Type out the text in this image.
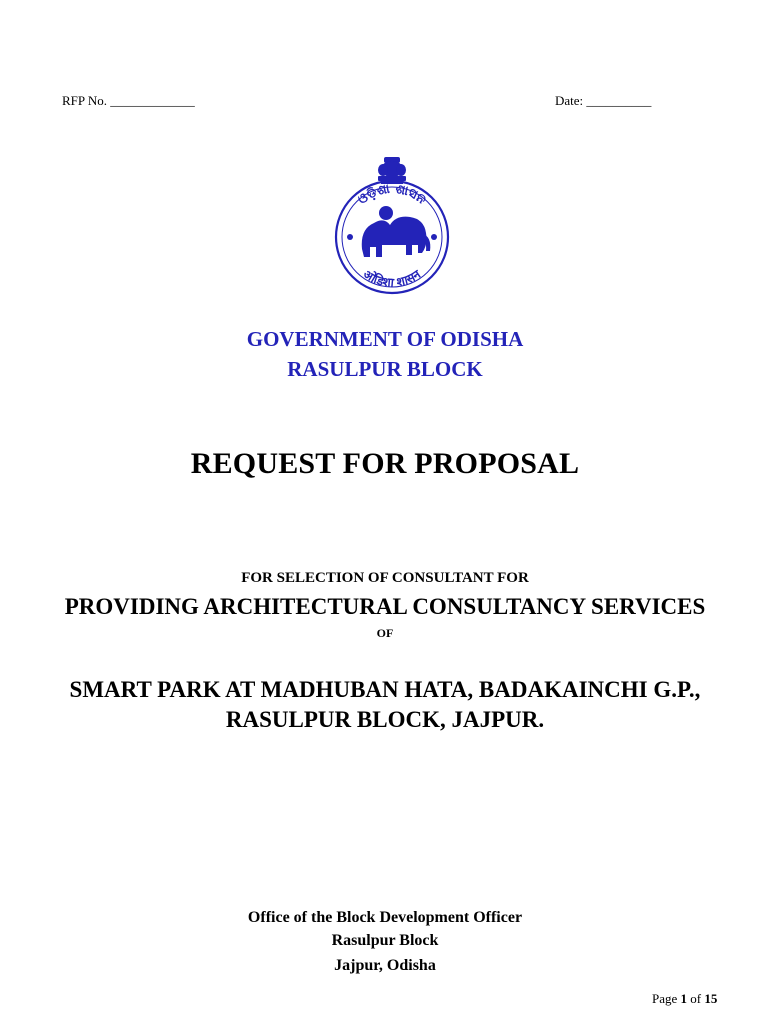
RFP No. _____________	Date: __________
ଓଡ଼ିଶା ଶାସନ
ओडिशा शासन
GOVERNMENT OF ODISHA
RASULPUR BLOCK
REQUEST FOR PROPOSAL
FOR SELECTION OF CONSULTANT FOR
PROVIDING ARCHITECTURAL CONSULTANCY SERVICES
OF
SMART PARK AT MADHUBAN HATA, BADAKAINCHI G.P.,
RASULPUR BLOCK, JAJPUR.
Office of the Block Development Officer
Rasulpur Block
Jajpur, Odisha
Page 1 of 15
